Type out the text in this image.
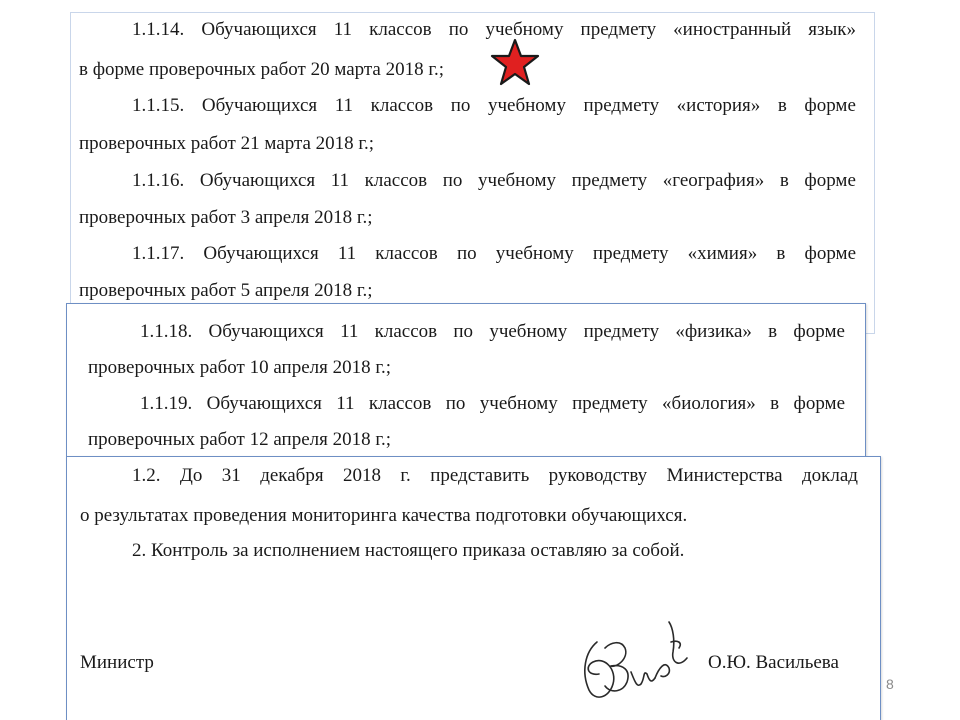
1.1.14. Обучающихся 11 классов по учебному предмету «иностранный язык»
в форме проверочных работ 20 марта 2018 г.;
1.1.15. Обучающихся 11 классов по учебному предмету «история» в форме
проверочных работ 21 марта 2018 г.;
1.1.16. Обучающихся 11 классов по учебному предмету «география» в форме
проверочных работ 3 апреля 2018 г.;
1.1.17. Обучающихся 11 классов по учебному предмету «химия» в форме
проверочных работ 5 апреля 2018 г.;
1.1.18. Обучающихся 11 классов по учебному предмету «физика» в форме
проверочных работ 10 апреля 2018 г.;
1.1.19. Обучающихся 11 классов по учебному предмету «биология» в форме
проверочных работ 12 апреля 2018 г.;
1.2. До 31 декабря 2018 г. представить руководству Министерства доклад
о результатах проведения мониторинга качества подготовки обучающихся.
2. Контроль за исполнением настоящего приказа оставляю за собой.
Министр	О.Ю. Васильева
8
